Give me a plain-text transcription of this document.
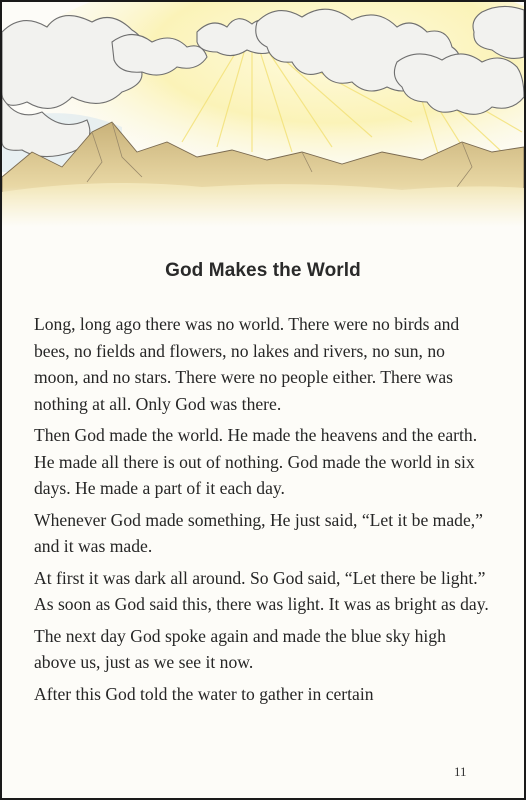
God Makes the World

Long, long ago there was no world. There were no birds and bees, no fields and flowers, no lakes and rivers, no sun, no moon, and no stars. There were no people either. There was nothing at all. Only God was there.

Then God made the world. He made the heavens and the earth. He made all there is out of nothing. God made the world in six days. He made a part of it each day.

Whenever God made something, He just said, “Let it be made,” and it was made.

At first it was dark all around. So God said, “Let there be light.” As soon as God said this, there was light. It was as bright as day.

The next day God spoke again and made the blue sky high above us, just as we see it now.

After this God told the water to gather in certain

11
